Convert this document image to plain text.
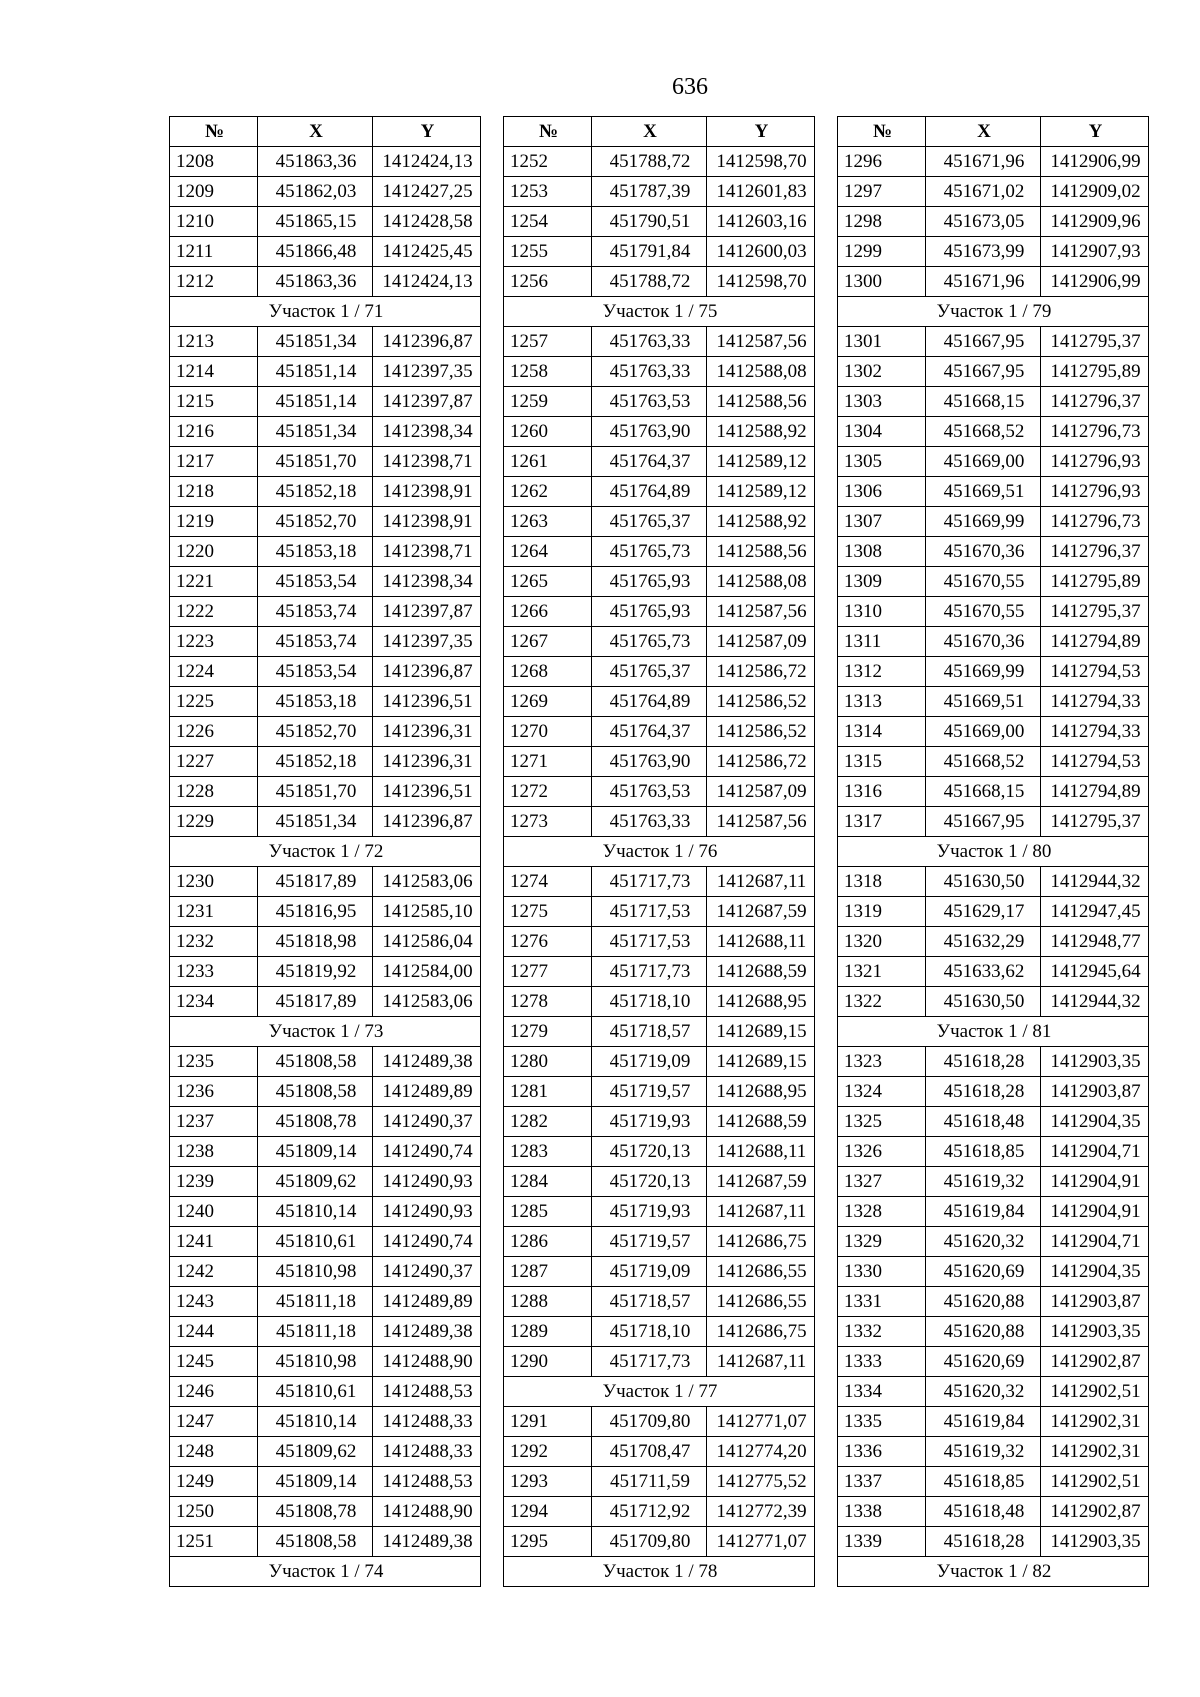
636
№	X	Y
1208	451863,36	1412424,13
1209	451862,03	1412427,25
1210	451865,15	1412428,58
1211	451866,48	1412425,45
1212	451863,36	1412424,13
Участок 1 / 71		
1213	451851,34	1412396,87
1214	451851,14	1412397,35
1215	451851,14	1412397,87
1216	451851,34	1412398,34
1217	451851,70	1412398,71
1218	451852,18	1412398,91
1219	451852,70	1412398,91
1220	451853,18	1412398,71
1221	451853,54	1412398,34
1222	451853,74	1412397,87
1223	451853,74	1412397,35
1224	451853,54	1412396,87
1225	451853,18	1412396,51
1226	451852,70	1412396,31
1227	451852,18	1412396,31
1228	451851,70	1412396,51
1229	451851,34	1412396,87
Участок 1 / 72		
1230	451817,89	1412583,06
1231	451816,95	1412585,10
1232	451818,98	1412586,04
1233	451819,92	1412584,00
1234	451817,89	1412583,06
Участок 1 / 73		
1235	451808,58	1412489,38
1236	451808,58	1412489,89
1237	451808,78	1412490,37
1238	451809,14	1412490,74
1239	451809,62	1412490,93
1240	451810,14	1412490,93
1241	451810,61	1412490,74
1242	451810,98	1412490,37
1243	451811,18	1412489,89
1244	451811,18	1412489,38
1245	451810,98	1412488,90
1246	451810,61	1412488,53
1247	451810,14	1412488,33
1248	451809,62	1412488,33
1249	451809,14	1412488,53
1250	451808,78	1412488,90
1251	451808,58	1412489,38
Участок 1 / 74		
№	X	Y
1252	451788,72	1412598,70
1253	451787,39	1412601,83
1254	451790,51	1412603,16
1255	451791,84	1412600,03
1256	451788,72	1412598,70
Участок 1 / 75		
1257	451763,33	1412587,56
1258	451763,33	1412588,08
1259	451763,53	1412588,56
1260	451763,90	1412588,92
1261	451764,37	1412589,12
1262	451764,89	1412589,12
1263	451765,37	1412588,92
1264	451765,73	1412588,56
1265	451765,93	1412588,08
1266	451765,93	1412587,56
1267	451765,73	1412587,09
1268	451765,37	1412586,72
1269	451764,89	1412586,52
1270	451764,37	1412586,52
1271	451763,90	1412586,72
1272	451763,53	1412587,09
1273	451763,33	1412587,56
Участок 1 / 76		
1274	451717,73	1412687,11
1275	451717,53	1412687,59
1276	451717,53	1412688,11
1277	451717,73	1412688,59
1278	451718,10	1412688,95
1279	451718,57	1412689,15
1280	451719,09	1412689,15
1281	451719,57	1412688,95
1282	451719,93	1412688,59
1283	451720,13	1412688,11
1284	451720,13	1412687,59
1285	451719,93	1412687,11
1286	451719,57	1412686,75
1287	451719,09	1412686,55
1288	451718,57	1412686,55
1289	451718,10	1412686,75
1290	451717,73	1412687,11
Участок 1 / 77		
1291	451709,80	1412771,07
1292	451708,47	1412774,20
1293	451711,59	1412775,52
1294	451712,92	1412772,39
1295	451709,80	1412771,07
Участок 1 / 78		
№	X	Y
1296	451671,96	1412906,99
1297	451671,02	1412909,02
1298	451673,05	1412909,96
1299	451673,99	1412907,93
1300	451671,96	1412906,99
Участок 1 / 79		
1301	451667,95	1412795,37
1302	451667,95	1412795,89
1303	451668,15	1412796,37
1304	451668,52	1412796,73
1305	451669,00	1412796,93
1306	451669,51	1412796,93
1307	451669,99	1412796,73
1308	451670,36	1412796,37
1309	451670,55	1412795,89
1310	451670,55	1412795,37
1311	451670,36	1412794,89
1312	451669,99	1412794,53
1313	451669,51	1412794,33
1314	451669,00	1412794,33
1315	451668,52	1412794,53
1316	451668,15	1412794,89
1317	451667,95	1412795,37
Участок 1 / 80		
1318	451630,50	1412944,32
1319	451629,17	1412947,45
1320	451632,29	1412948,77
1321	451633,62	1412945,64
1322	451630,50	1412944,32
Участок 1 / 81		
1323	451618,28	1412903,35
1324	451618,28	1412903,87
1325	451618,48	1412904,35
1326	451618,85	1412904,71
1327	451619,32	1412904,91
1328	451619,84	1412904,91
1329	451620,32	1412904,71
1330	451620,69	1412904,35
1331	451620,88	1412903,87
1332	451620,88	1412903,35
1333	451620,69	1412902,87
1334	451620,32	1412902,51
1335	451619,84	1412902,31
1336	451619,32	1412902,31
1337	451618,85	1412902,51
1338	451618,48	1412902,87
1339	451618,28	1412903,35
Участок 1 / 82		
